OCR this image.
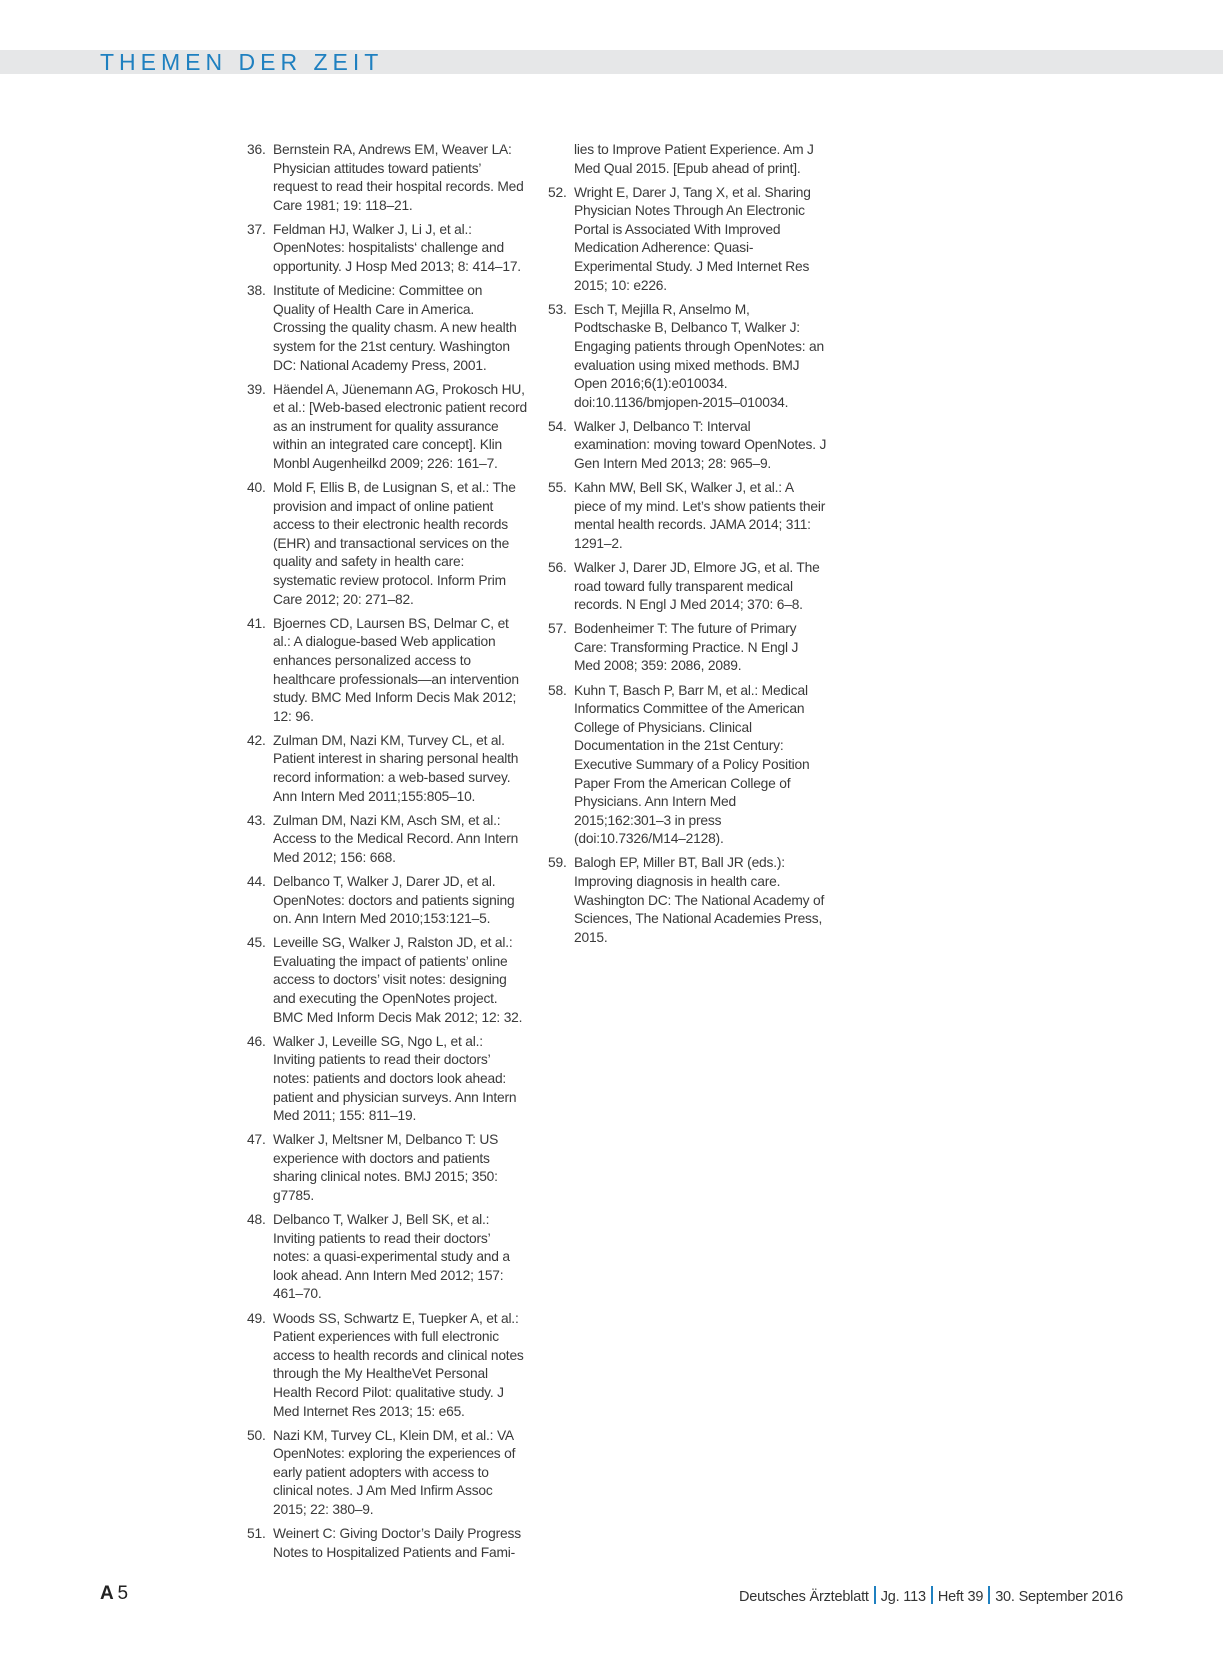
THEMEN DER ZEIT
36. Bernstein RA, Andrews EM, Weaver LA: Physician attitudes toward patients’ request to read their hospital records. Med Care 1981; 19: 118–21.
37. Feldman HJ, Walker J, Li J, et al.: OpenNotes: hospitalists‘ challenge and opportunity. J Hosp Med 2013; 8: 414–17.
38. Institute of Medicine: Committee on Quality of Health Care in America. Crossing the quality chasm. A new health system for the 21st century. Washington DC: National Academy Press, 2001.
39. Häendel A, Jüenemann AG, Prokosch HU, et al.: [Web-based electronic patient record as an instrument for quality assurance within an integrated care concept]. Klin Monbl Augenheilkd 2009; 226: 161–7.
40. Mold F, Ellis B, de Lusignan S, et al.: The provision and impact of online patient access to their electronic health records (EHR) and transactional services on the quality and safety in health care: systematic review protocol. Inform Prim Care 2012; 20: 271–82.
41. Bjoernes CD, Laursen BS, Delmar C, et al.: A dialogue-based Web application enhances personalized access to healthcare professionals—an intervention study. BMC Med Inform Decis Mak 2012; 12: 96.
42. Zulman DM, Nazi KM, Turvey CL, et al. Patient interest in sharing personal health record information: a web-based survey. Ann Intern Med 2011;155:805–10.
43. Zulman DM, Nazi KM, Asch SM, et al.: Access to the Medical Record. Ann Intern Med 2012; 156: 668.
44. Delbanco T, Walker J, Darer JD, et al. OpenNotes: doctors and patients signing on. Ann Intern Med 2010;153:121–5.
45. Leveille SG, Walker J, Ralston JD, et al.: Evaluating the impact of patients’ online access to doctors’ visit notes: designing and executing the OpenNotes project. BMC Med Inform Decis Mak 2012; 12: 32.
46. Walker J, Leveille SG, Ngo L, et al.: Inviting patients to read their doctors’ notes: patients and doctors look ahead: patient and physician surveys. Ann Intern Med 2011; 155: 811–19.
47. Walker J, Meltsner M, Delbanco T: US experience with doctors and patients sharing clinical notes. BMJ 2015; 350: g7785.
48. Delbanco T, Walker J, Bell SK, et al.: Inviting patients to read their doctors’ notes: a quasi-experimental study and a look ahead. Ann Intern Med 2012; 157: 461–70.
49. Woods SS, Schwartz E, Tuepker A, et al.: Patient experiences with full electronic access to health records and clinical notes through the My HealtheVet Personal Health Record Pilot: qualitative study. J Med Internet Res 2013; 15: e65.
50. Nazi KM, Turvey CL, Klein DM, et al.: VA OpenNotes: exploring the experiences of early patient adopters with access to clinical notes. J Am Med Infirm Assoc 2015; 22: 380–9.
51. Weinert C: Giving Doctor’s Daily Progress Notes to Hospitalized Patients and Fami-
lies to Improve Patient Experience. Am J Med Qual 2015. [Epub ahead of print].
52. Wright E, Darer J, Tang X, et al. Sharing Physician Notes Through An Electronic Portal is Associated With Improved Medication Adherence: Quasi-Experimental Study. J Med Internet Res 2015; 10: e226.
53. Esch T, Mejilla R, Anselmo M, Podtschaske B, Delbanco T, Walker J: Engaging patients through OpenNotes: an evaluation using mixed methods. BMJ Open 2016;6(1):e010034. doi:10.1136/bmjopen-2015–010034.
54. Walker J, Delbanco T: Interval examination: moving toward OpenNotes. J Gen Intern Med 2013; 28: 965–9.
55. Kahn MW, Bell SK, Walker J, et al.: A piece of my mind. Let’s show patients their mental health records. JAMA 2014; 311: 1291–2.
56. Walker J, Darer JD, Elmore JG, et al. The road toward fully transparent medical records. N Engl J Med 2014; 370: 6–8.
57. Bodenheimer T: The future of Primary Care: Transforming Practice. N Engl J Med 2008; 359: 2086, 2089.
58. Kuhn T, Basch P, Barr M, et al.: Medical Informatics Committee of the American College of Physicians. Clinical Documentation in the 21st Century: Executive Summary of a Policy Position Paper From the American College of Physicians. Ann Intern Med 2015;162:301–3 in press (doi:10.7326/M14–2128).
59. Balogh EP, Miller BT, Ball JR (eds.): Improving diagnosis in health care. Washington DC: The National Academy of Sciences, The National Academies Press, 2015.
A  5	Deutsches Ärzteblatt Jg. 113 Heft 39 30. September 2016
